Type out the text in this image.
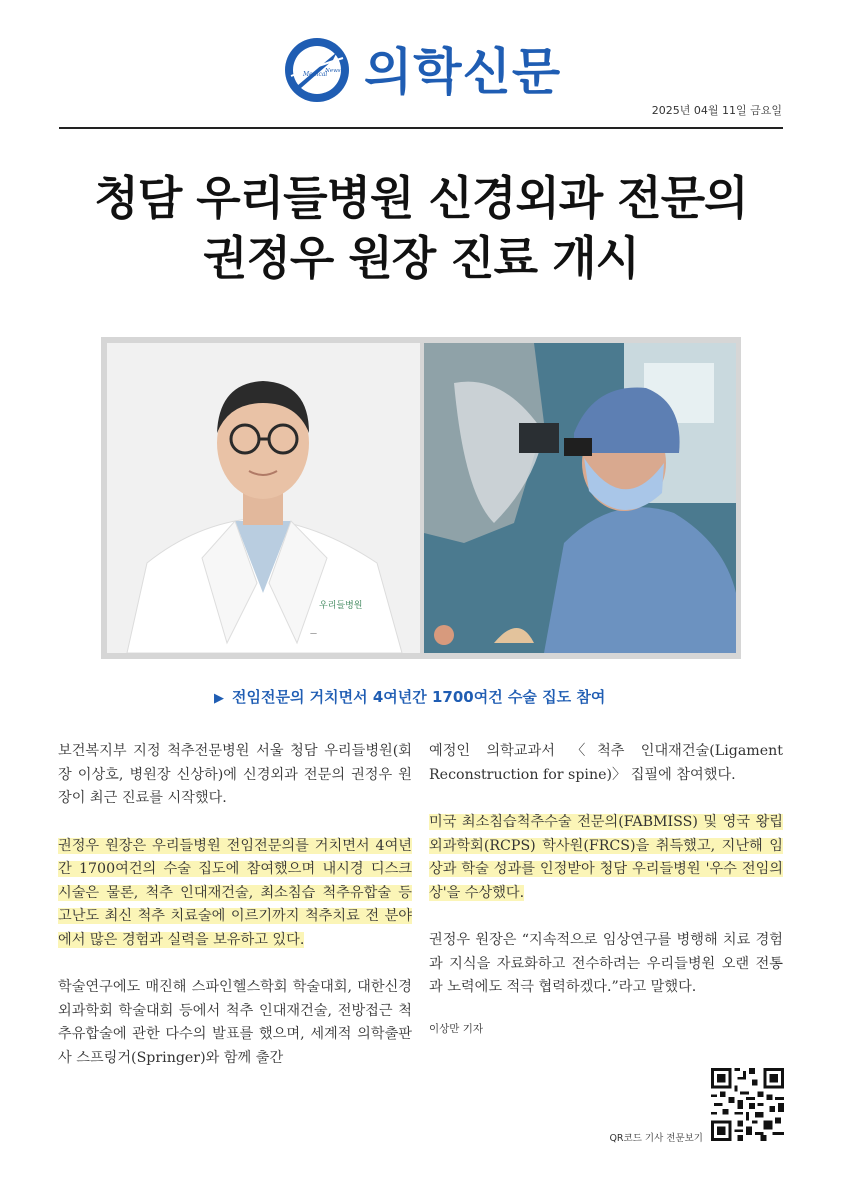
Medical
News 의학신문
2025년 04월 11일 금요일
청담 우리들병원 신경외과 전문의
권정우 원장 진료 개시
우리들병원
—
▶ 전임전문의 거치면서 4여년간 1700여건 수술 집도 참여

보건복지부 지정 척추전문병원 서울 청담 우리들병원(회장 이상호, 병원장 신상하)에 신경외과 전문의 권정우 원장이 최근 진료를 시작했다.

권정우 원장은 우리들병원 전임전문의를 거치면서 4여년간 1700여건의 수술 집도에 참여했으며 내시경 디스크 시술은 물론, 척추 인대재건술, 최소침습 척추유합술 등 고난도 최신 척추 치료술에 이르기까지 척추치료 전 분야에서 많은 경험과 실력을 보유하고 있다.

학술연구에도 매진해 스파인헬스학회 학술대회, 대한신경외과학회 학술대회 등에서 척추 인대재건술, 전방접근 척추유합술에 관한 다수의 발표를 했으며, 세계적 의학출판사 스프링거(Springer)와 함께 출간

예정인 의학교과서 〈척추 인대재건술(Ligament Reconstruction for spine)〉 집필에 참여했다.

미국 최소침습척추수술 전문의(FABMISS) 및 영국 왕립외과학회(RCPS) 학사원(FRCS)을 취득했고, 지난해 임상과 학술 성과를 인정받아 청담 우리들병원 '우수 전임의상'을 수상했다.

권정우 원장은 “지속적으로 임상연구를 병행해 치료 경험과 지식을 자료화하고 전수하려는 우리들병원 오랜 전통과 노력에도 적극 협력하겠다.”라고 말했다.

이상만 기자
QR코드 기사 전문보기
